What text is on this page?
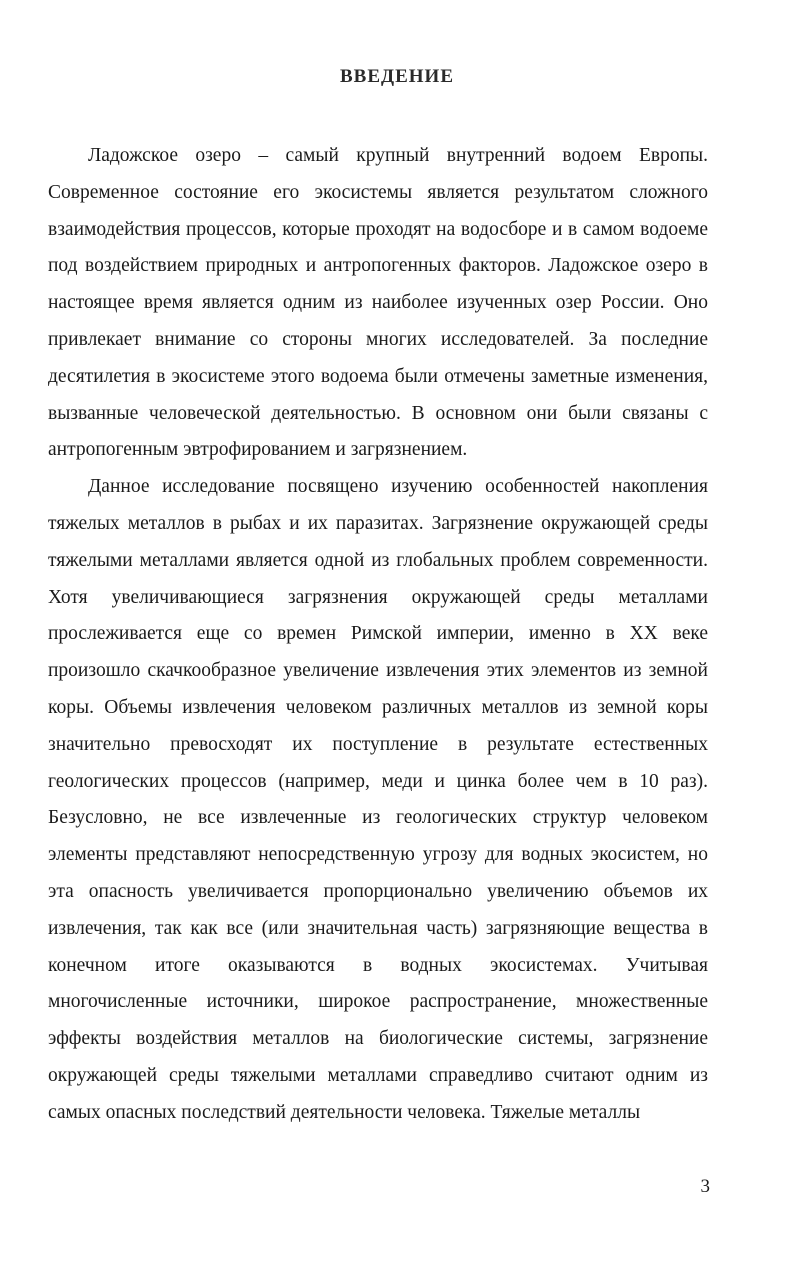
ВВЕДЕНИЕ

Ладожское озеро – самый крупный внутренний водоем Европы. Современное состояние его экосистемы является результатом сложного взаимодействия процессов, которые проходят на водосборе и в самом водоеме под воздействием природных и антропогенных факторов. Ладожское озеро в настоящее время является одним из наиболее изученных озер России. Оно привлекает внимание со стороны многих исследователей. За последние десятилетия в экосистеме этого водоема были отмечены заметные изменения, вызванные человеческой деятельностью. В основном они были связаны с антропогенным эвтрофированием и загрязнением.

Данное исследование посвящено изучению особенностей накопления тяжелых металлов в рыбах и их паразитах. Загрязнение окружающей среды тяжелыми металлами является одной из глобальных проблем современности. Хотя увеличивающиеся загрязнения окружающей среды металлами прослеживается еще со времен Римской империи, именно в XX веке произошло скачкообразное увеличение извлечения этих элементов из земной коры. Объемы извлечения человеком различных металлов из земной коры значительно превосходят их поступление в результате естественных геологических процессов (например, меди и цинка более чем в 10 раз). Безусловно, не все извлеченные из геологических структур человеком элементы представляют непосредственную угрозу для водных экосистем, но эта опасность увеличивается пропорционально увеличению объемов их извлечения, так как все (или значительная часть) загрязняющие вещества в конечном итоге оказываются в водных экосистемах. Учитывая многочисленные источники, широкое распространение, множественные эффекты воздействия металлов на биологические системы, загрязнение окружающей среды тяжелыми металлами справедливо считают одним из самых опасных последствий деятельности человека. Тяжелые металлы

3
